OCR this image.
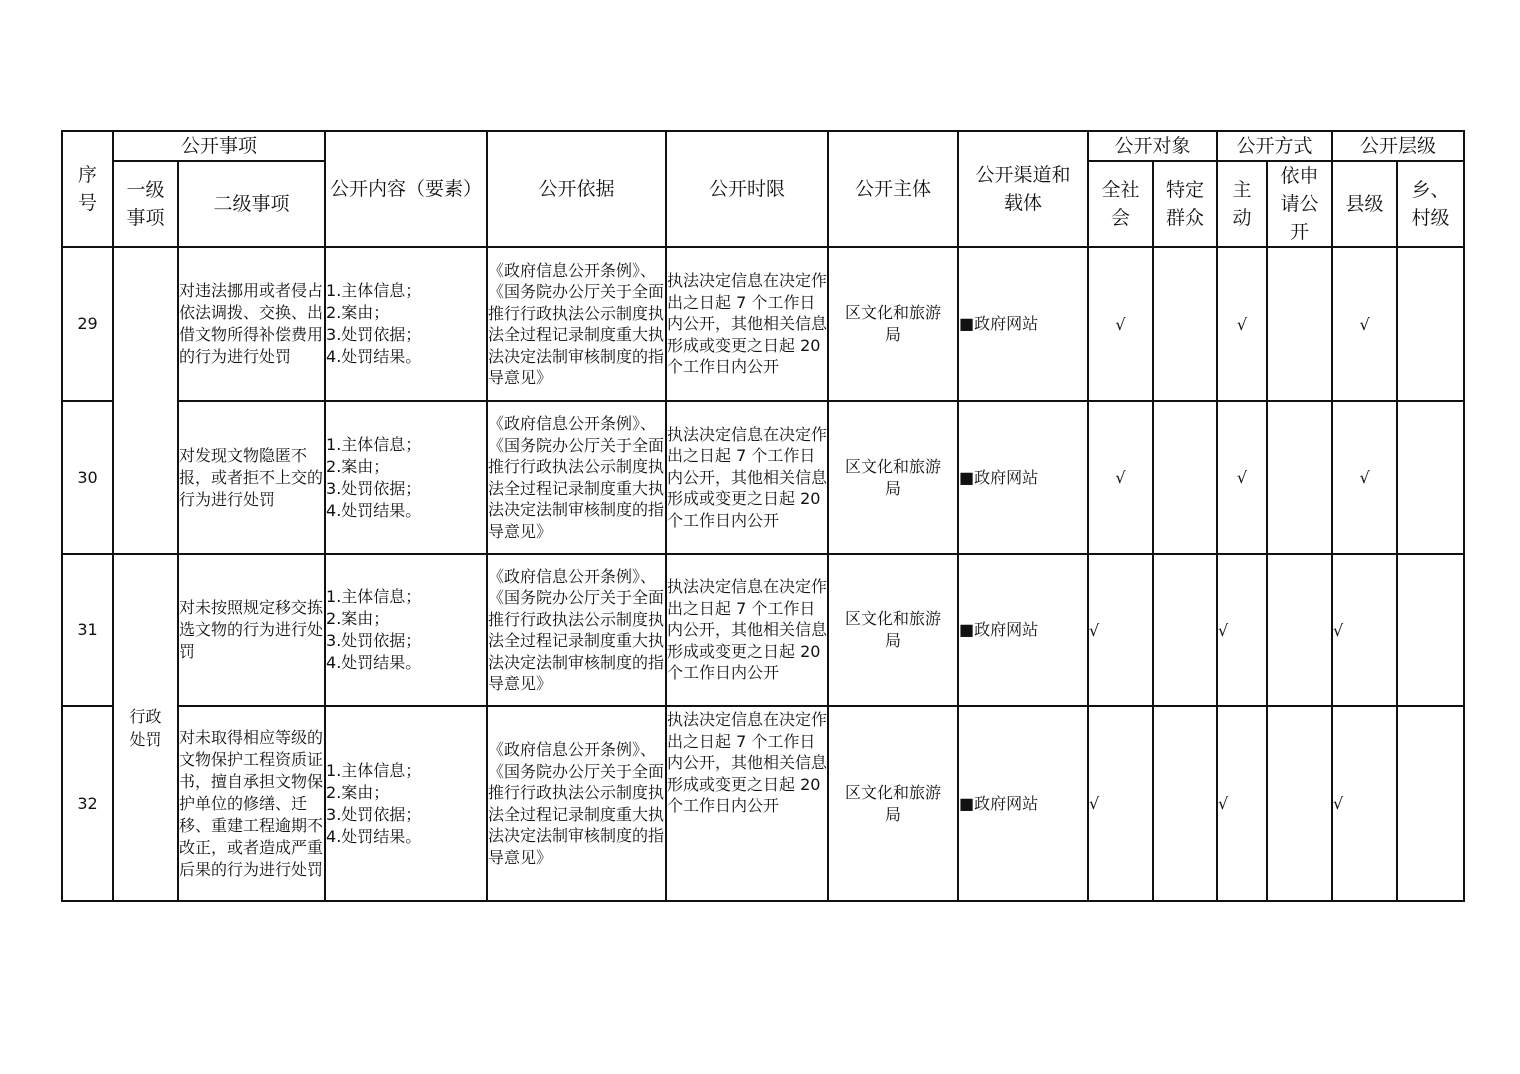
序号	公开事项		公开内容（要素）	公开依据	公开时限	公开主体	公开渠道和载体	公开对象		公开方式		公开层级	
	一级事项	二级事项						全社会	特定群众	主动	依申请公开	县级	乡、村级
29		对违法挪用或者侵占依法调拨、交换、出借文物所得补偿费用的行为进行处罚	1.主体信息；
2.案由；
3.处罚依据；
4.处罚结果。	《政府信息公开条例》、《国务院办公厅关于全面推行行政执法公示制度执法全过程记录制度重大执法决定法制审核制度的指导意见》	执法决定信息在决定作出之日起 7 个工作日内公开，其他相关信息形成或变更之日起 20 个工作日内公开	区文化和旅游局	■政府网站	√		√		√	
30		对发现文物隐匿不报，或者拒不上交的行为进行处罚	1.主体信息；
2.案由；
3.处罚依据；
4.处罚结果。	《政府信息公开条例》、《国务院办公厅关于全面推行行政执法公示制度执法全过程记录制度重大执法决定法制审核制度的指导意见》	执法决定信息在决定作出之日起 7 个工作日内公开，其他相关信息形成或变更之日起 20 个工作日内公开	区文化和旅游局	■政府网站	√		√		√	
31	行政处罚	对未按照规定移交拣选文物的行为进行处罚	1.主体信息；
2.案由；
3.处罚依据；
4.处罚结果。	《政府信息公开条例》、《国务院办公厅关于全面推行行政执法公示制度执法全过程记录制度重大执法决定法制审核制度的指导意见》	执法决定信息在决定作出之日起 7 个工作日内公开，其他相关信息形成或变更之日起 20 个工作日内公开	区文化和旅游局	■政府网站	√		√		√	
32		对未取得相应等级的文物保护工程资质证书，擅自承担文物保护单位的修缮、迁移、重建工程逾期不改正，或者造成严重后果的行为进行处罚	1.主体信息；
2.案由；
3.处罚依据；
4.处罚结果。	《政府信息公开条例》、《国务院办公厅关于全面推行行政执法公示制度执法全过程记录制度重大执法决定法制审核制度的指导意见》	执法决定信息在决定作出之日起 7 个工作日内公开，其他相关信息形成或变更之日起 20 个工作日内公开	区文化和旅游局	■政府网站	√		√		√	
